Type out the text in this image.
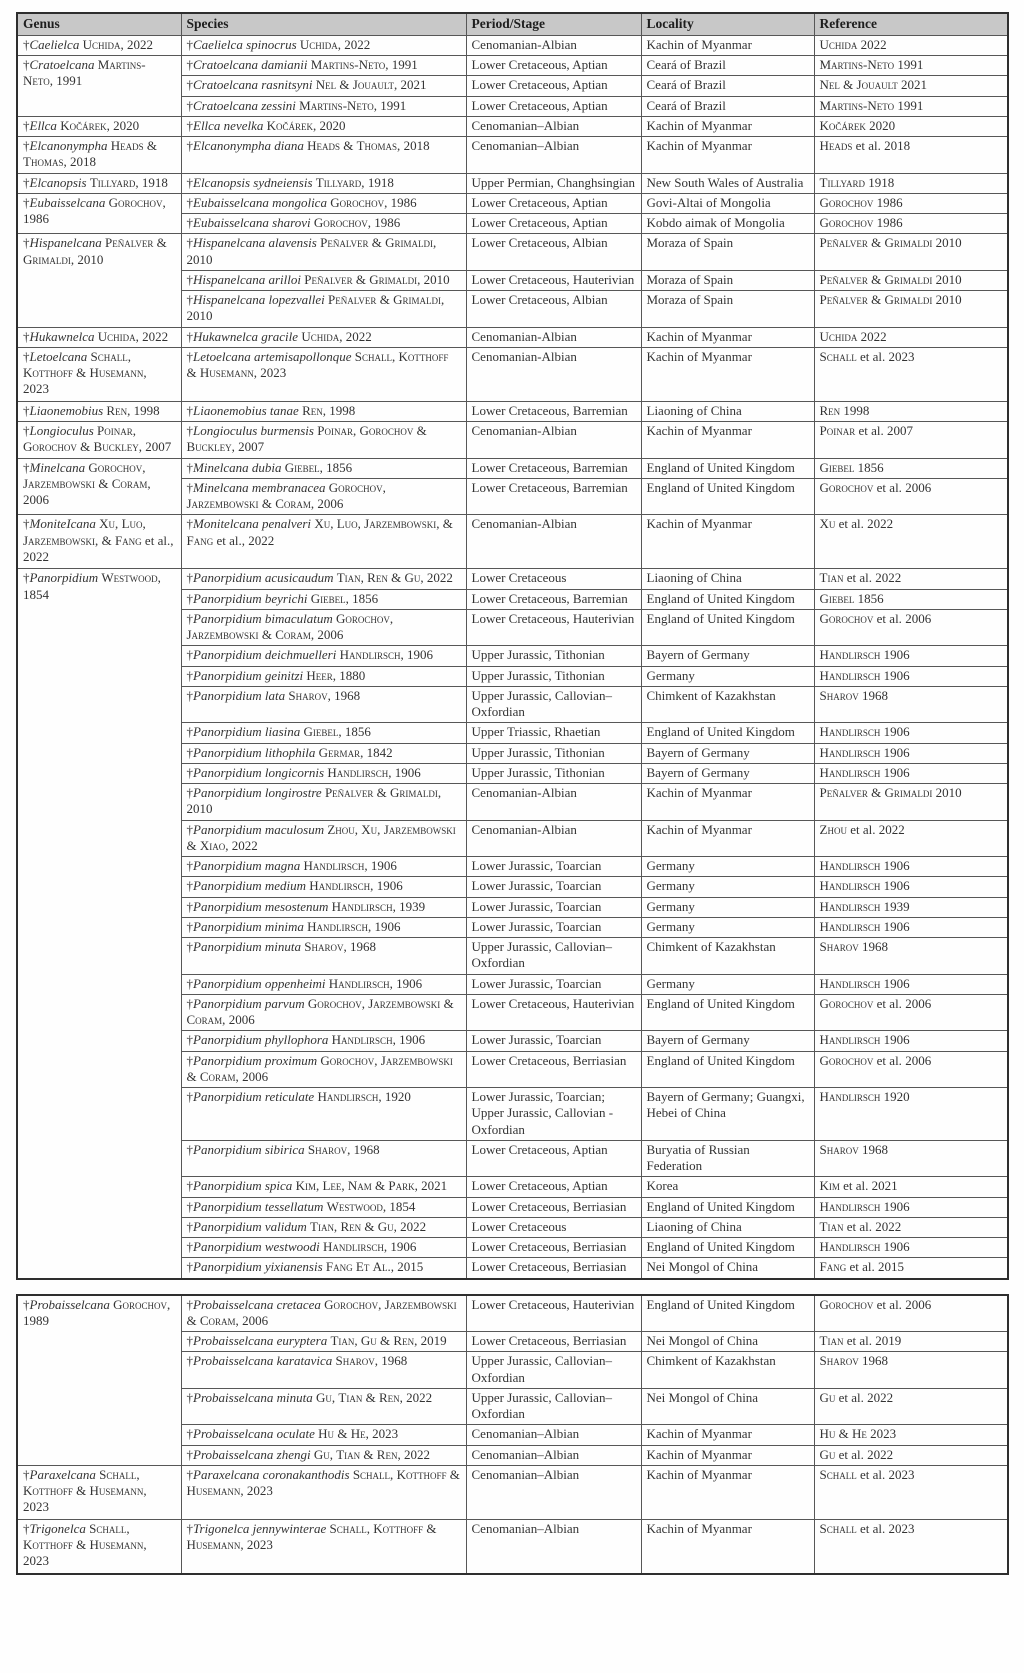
Genus	Species	Period/Stage	Locality	Reference
†Caelielca Uchida, 2022	†Caelielca spinocrus Uchida, 2022	Cenomanian-Albian	Kachin of Myanmar	Uchida 2022
†Cratoelcana Martins-Neto, 1991	†Cratoelcana damianii Martins-Neto, 1991	Lower Cretaceous, Aptian	Ceará of Brazil	Martins-Neto 1991
	†Cratoelcana rasnitsyni Nel & Jouault, 2021	Lower Cretaceous, Aptian	Ceará of Brazil	Nel & Jouault 2021
	†Cratoelcana zessini Martins-Neto, 1991	Lower Cretaceous, Aptian	Ceará of Brazil	Martins-Neto 1991
†Ellca Kočárek, 2020	†Ellca nevelka Kočárek, 2020	Cenomanian–Albian	Kachin of Myanmar	Kočárek 2020
†Elcanonympha Heads & Thomas, 2018	†Elcanonympha diana Heads & Thomas, 2018	Cenomanian–Albian	Kachin of Myanmar	Heads et al. 2018
†Elcanopsis Tillyard, 1918	†Elcanopsis sydneiensis Tillyard, 1918	Upper Permian, Changhsingian	New South Wales of Australia	Tillyard 1918
†Eubaisselcana Gorochov, 1986	†Eubaisselcana mongolica Gorochov, 1986	Lower Cretaceous, Aptian	Govi-Altai of Mongolia	Gorochov 1986
	†Eubaisselcana sharovi Gorochov, 1986	Lower Cretaceous, Aptian	Kobdo aimak of Mongolia	Gorochov 1986
†Hispanelcana Peñalver & Grimaldi, 2010	†Hispanelcana alavensis Peñalver & Grimaldi, 2010	Lower Cretaceous, Albian	Moraza of Spain	Peñalver & Grimaldi 2010
	†Hispanelcana arilloi Peñalver & Grimaldi, 2010	Lower Cretaceous, Hauterivian	Moraza of Spain	Peñalver & Grimaldi 2010
	†Hispanelcana lopezvallei Peñalver & Grimaldi, 2010	Lower Cretaceous, Albian	Moraza of Spain	Peñalver & Grimaldi 2010
†Hukawnelca Uchida, 2022	†Hukawnelca gracile Uchida, 2022	Cenomanian-Albian	Kachin of Myanmar	Uchida 2022
†Letoelcana Schall, Kotthoff & Husemann, 2023	†Letoelcana artemisapollonque Schall, Kotthoff & Husemann, 2023	Cenomanian-Albian	Kachin of Myanmar	Schall et al. 2023
†Liaonemobius Ren, 1998	†Liaonemobius tanae Ren, 1998	Lower Cretaceous, Barremian	Liaoning of China	Ren 1998
†Longioculus Poinar, Gorochov & Buckley, 2007	†Longioculus burmensis Poinar, Gorochov & Buckley, 2007	Cenomanian-Albian	Kachin of Myanmar	Poinar et al. 2007
†Minelcana Gorochov, Jarzembowski & Coram, 2006	†Minelcana dubia Giebel, 1856	Lower Cretaceous, Barremian	England of United Kingdom	Giebel 1856
	†Minelcana membranacea Gorochov, Jarzembowski & Coram, 2006	Lower Cretaceous, Barremian	England of United Kingdom	Gorochov et al. 2006
†MoniteIcana Xu, Luo, Jarzembowski, & Fang et al., 2022	†Monitelcana penalveri Xu, Luo, Jarzembowski, & Fang et al., 2022	Cenomanian-Albian	Kachin of Myanmar	Xu et al. 2022
†Panorpidium Westwood, 1854	†Panorpidium acusicaudum Tian, Ren & Gu, 2022	Lower Cretaceous	Liaoning of China	Tian et al. 2022
	†Panorpidium beyrichi Giebel, 1856	Lower Cretaceous, Barremian	England of United Kingdom	Giebel 1856
	†Panorpidium bimaculatum Gorochov, Jarzembowski & Coram, 2006	Lower Cretaceous, Hauterivian	England of United Kingdom	Gorochov et al. 2006
	†Panorpidium deichmuelleri Handlirsch, 1906	Upper Jurassic, Tithonian	Bayern of Germany	Handlirsch 1906
	†Panorpidium geinitzi Heer, 1880	Upper Jurassic, Tithonian	Germany	Handlirsch 1906
	†Panorpidium lata Sharov, 1968	Upper Jurassic, Callovian–Oxfordian	Chimkent of Kazakhstan	Sharov 1968
	†Panorpidium liasina Giebel, 1856	Upper Triassic, Rhaetian	England of United Kingdom	Handlirsch 1906
	†Panorpidium lithophila Germar, 1842	Upper Jurassic, Tithonian	Bayern of Germany	Handlirsch 1906
	†Panorpidium longicornis Handlirsch, 1906	Upper Jurassic, Tithonian	Bayern of Germany	Handlirsch 1906
	†Panorpidium longirostre Peñalver & Grimaldi, 2010	Cenomanian-Albian	Kachin of Myanmar	Peñalver & Grimaldi 2010
	†Panorpidium maculosum Zhou, Xu, Jarzembowski & Xiao, 2022	Cenomanian-Albian	Kachin of Myanmar	Zhou et al. 2022
	†Panorpidium magna Handlirsch, 1906	Lower Jurassic, Toarcian	Germany	Handlirsch 1906
	†Panorpidium medium Handlirsch, 1906	Lower Jurassic, Toarcian	Germany	Handlirsch 1906
	†Panorpidium mesostenum Handlirsch, 1939	Lower Jurassic, Toarcian	Germany	Handlirsch 1939
	†Panorpidium minima Handlirsch, 1906	Lower Jurassic, Toarcian	Germany	Handlirsch 1906
	†Panorpidium minuta Sharov, 1968	Upper Jurassic, Callovian–Oxfordian	Chimkent of Kazakhstan	Sharov 1968
	†Panorpidium oppenheimi Handlirsch, 1906	Lower Jurassic, Toarcian	Germany	Handlirsch 1906
	†Panorpidium parvum Gorochov, Jarzembowski & Coram, 2006	Lower Cretaceous, Hauterivian	England of United Kingdom	Gorochov et al. 2006
	†Panorpidium phyllophora Handlirsch, 1906	Lower Jurassic, Toarcian	Bayern of Germany	Handlirsch 1906
	†Panorpidium proximum Gorochov, Jarzembowski & Coram, 2006	Lower Cretaceous, Berriasian	England of United Kingdom	Gorochov et al. 2006
	†Panorpidium reticulate Handlirsch, 1920	Lower Jurassic, Toarcian; Upper Jurassic, Callovian - Oxfordian	Bayern of Germany; Guangxi, Hebei of China	Handlirsch 1920
	†Panorpidium sibirica Sharov, 1968	Lower Cretaceous, Aptian	Buryatia of Russian Federation	Sharov 1968
	†Panorpidium spica Kim, Lee, Nam & Park, 2021	Lower Cretaceous, Aptian	Korea	Kim et al. 2021
	†Panorpidium tessellatum Westwood, 1854	Lower Cretaceous, Berriasian	England of United Kingdom	Handlirsch 1906
	†Panorpidium validum Tian, Ren & Gu, 2022	Lower Cretaceous	Liaoning of China	Tian et al. 2022
	†Panorpidium westwoodi Handlirsch, 1906	Lower Cretaceous, Berriasian	England of United Kingdom	Handlirsch 1906
	†Panorpidium yixianensis Fang Et Al., 2015	Lower Cretaceous, Berriasian	Nei Mongol of China	Fang et al. 2015
†Probaisselcana Gorochov, 1989	†Probaisselcana cretacea Gorochov, Jarzembowski & Coram, 2006	Lower Cretaceous, Hauterivian	England of United Kingdom	Gorochov et al. 2006
	†Probaisselcana euryptera Tian, Gu & Ren, 2019	Lower Cretaceous, Berriasian	Nei Mongol of China	Tian et al. 2019
	†Probaisselcana karatavica Sharov, 1968	Upper Jurassic, Callovian–Oxfordian	Chimkent of Kazakhstan	Sharov 1968
	†Probaisselcana minuta Gu, Tian & Ren, 2022	Upper Jurassic, Callovian–Oxfordian	Nei Mongol of China	Gu et al. 2022
	†Probaisselcana oculate Hu & He, 2023	Cenomanian–Albian	Kachin of Myanmar	Hu & He 2023
	†Probaisselcana zhengi Gu, Tian & Ren, 2022	Cenomanian–Albian	Kachin of Myanmar	Gu et al. 2022
†Paraxelcana Schall, Kotthoff & Husemann, 2023	†Paraxelcana coronakanthodis Schall, Kotthoff & Husemann, 2023	Cenomanian–Albian	Kachin of Myanmar	Schall et al. 2023
†Trigonelca Schall, Kotthoff & Husemann, 2023	†Trigonelca jennywinterae Schall, Kotthoff & Husemann, 2023	Cenomanian–Albian	Kachin of Myanmar	Schall et al. 2023
